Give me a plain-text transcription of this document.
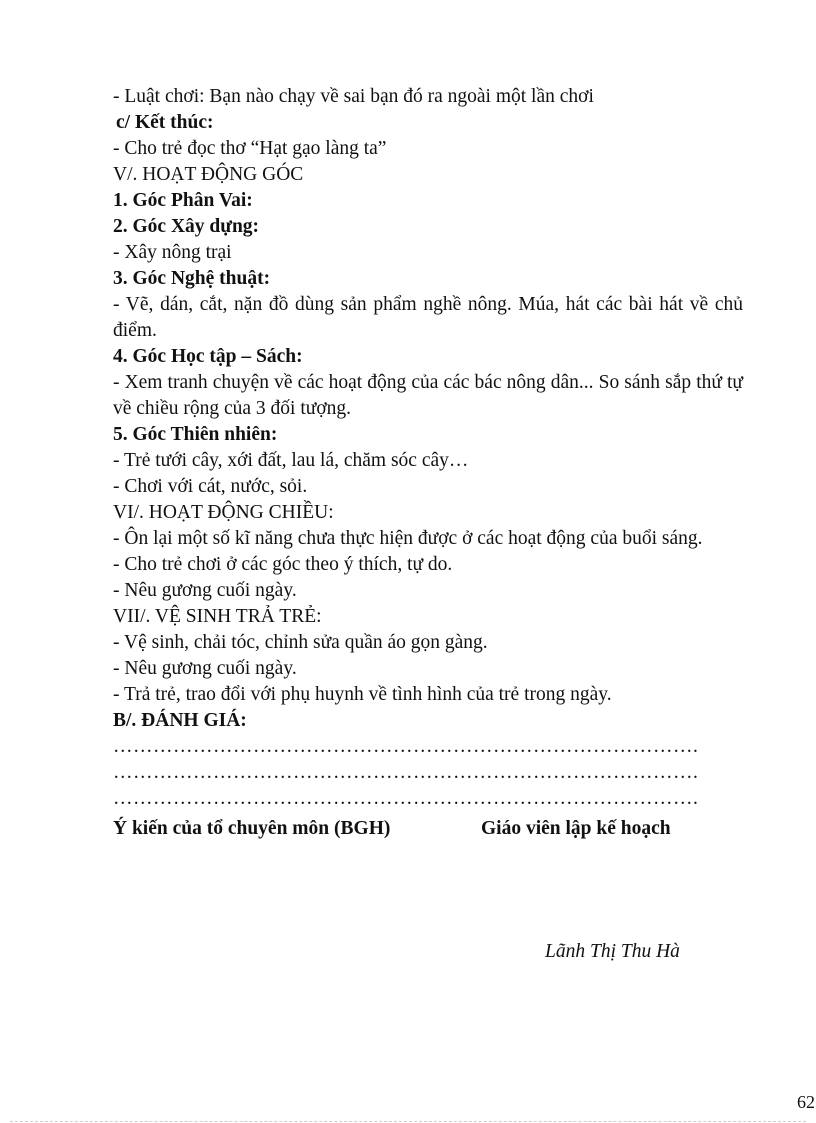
- Luật chơi: Bạn nào chạy về sai bạn đó ra ngoài một lần chơi

c/ Kết thúc:

- Cho trẻ đọc thơ “Hạt gạo làng ta”

V/. HOẠT ĐỘNG GÓC

1. Góc Phân Vai:

2. Góc Xây dựng:

- Xây nông trại

3. Góc Nghệ thuật:

- Vẽ, dán, cắt, nặn đồ dùng sản phẩm nghề nông. Múa, hát các bài hát về chủ điểm.

4. Góc Học tập – Sách:

- Xem tranh chuyện về các hoạt động của các bác nông dân... So sánh sắp thứ tự về chiều rộng của 3 đối tượng.

5. Góc Thiên nhiên:

- Trẻ tưới cây, xới đất, lau lá, chăm sóc cây…

- Chơi với cát, nước, sỏi.

VI/. HOẠT ĐỘNG CHIỀU:

- Ôn lại một số kĩ năng chưa thực hiện được ở các hoạt động của buổi sáng.

- Cho trẻ chơi ở các góc theo ý thích, tự do.

- Nêu gương cuối ngày.

VII/. VỆ SINH TRẢ TRẺ:

- Vệ sinh, chải tóc, chỉnh sửa quần áo gọn gàng.

- Nêu gương cuối ngày.

- Trả trẻ, trao đổi với phụ huynh về tình hình của trẻ trong ngày.

B/. ĐÁNH GIÁ:

…………………………………………………………………………….

…………………………………………………………………………….

…………………………………………………………………………….

Ý kiến của tổ chuyên môn (BGH)	Giáo viên lập kế hoạch
Lãnh Thị Thu Hà
62
